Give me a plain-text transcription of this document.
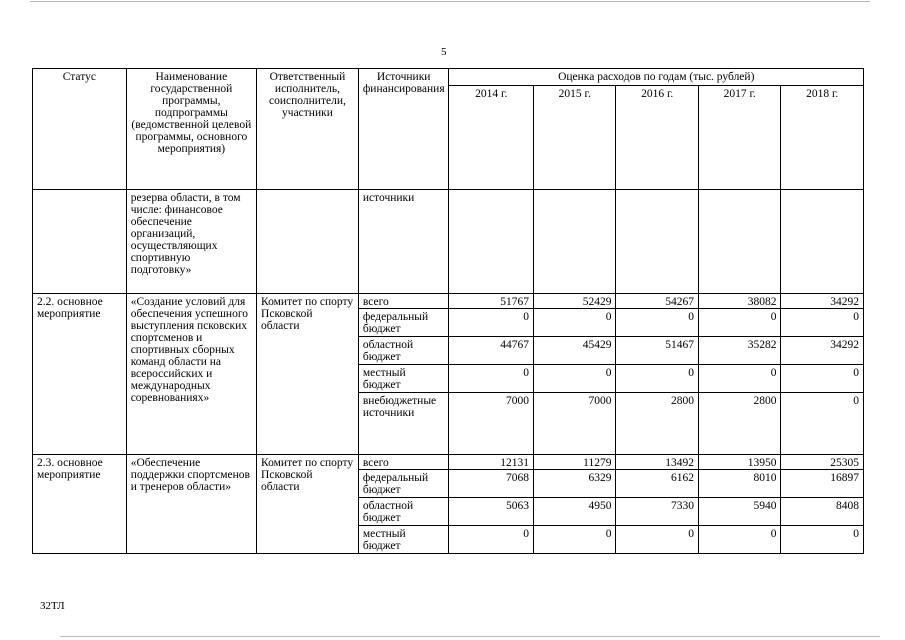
5
Статус	Наименование государственной программы, подпрограммы (ведомственной целевой программы, основного мероприятия)	Ответственный исполнитель, соисполнители, участники	Источники финансирования	Оценка расходов по годам (тыс. рублей)				
				2014 г.	2015 г.	2016 г.	2017 г.	2018 г.
	резерва области, в том числе: финансовое обеспечение организаций, осуществляющих спортивную подготовку»		источники					
2.2. основное мероприятие	«Создание условий для обеспечения успешного выступления псковских спортсменов и спортивных сборных команд области на всероссийских и международных соревнованиях»	Комитет по спорту Псковской области	всего	51767	52429	54267	38082	34292
			федеральный бюджет	0	0	0	0	0
			областной бюджет	44767	45429	51467	35282	34292
			местный бюджет	0	0	0	0	0
			внебюджетные источники	7000	7000	2800	2800	0
2.3. основное мероприятие	«Обеспечение поддержки спортсменов и тренеров области»	Комитет по спорту Псковской области	всего	12131	11279	13492	13950	25305
			федеральный бюджет	7068	6329	6162	8010	16897
			областной бюджет	5063	4950	7330	5940	8408
			местный бюджет	0	0	0	0	0
32ТЛ
